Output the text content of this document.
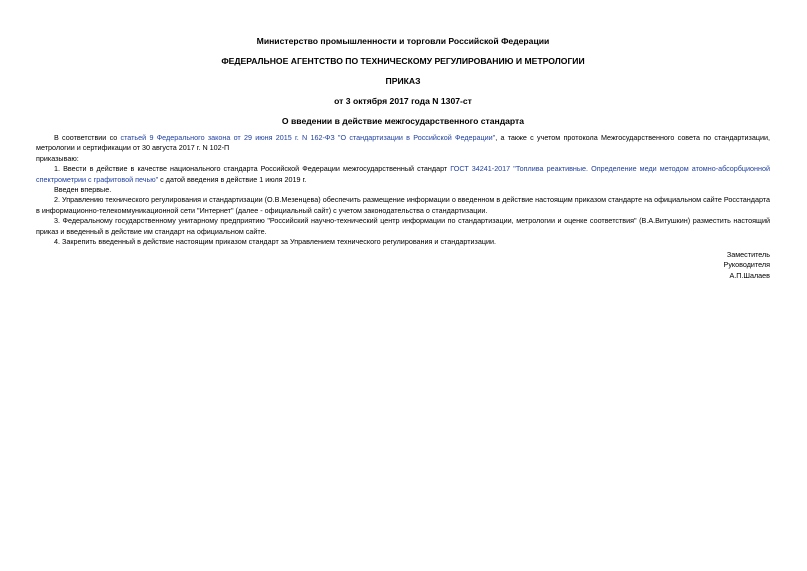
Министерство промышленности и торговли Российской Федерации
ФЕДЕРАЛЬНОЕ АГЕНТСТВО ПО ТЕХНИЧЕСКОМУ РЕГУЛИРОВАНИЮ И МЕТРОЛОГИИ
ПРИКАЗ
от 3 октября 2017 года N 1307-ст
О введении в действие межгосударственного стандарта

В соответствии со статьей 9 Федерального закона от 29 июня 2015 г. N 162-ФЗ "О стандартизации в Российской Федерации", а также с учетом протокола Межгосударственного совета по стандартизации, метрологии и сертификации от 30 августа 2017 г. N 102-П

приказываю:

1. Ввести в действие в качестве национального стандарта Российской Федерации межгосударственный стандарт ГОСТ 34241-2017 "Топлива реактивные. Определение меди методом атомно-абсорбционной спектрометрии с графитовой печью" с датой введения в действие 1 июля 2019 г.

Введен впервые.

2. Управлению технического регулирования и стандартизации (О.В.Мезенцева) обеспечить размещение информации о введенном в действие настоящим приказом стандарте на официальном сайте Росстандарта в информационно-телекоммуникационной сети "Интернет" (далее - официальный сайт) с учетом законодательства о стандартизации.

3. Федеральному государственному унитарному предприятию "Российский научно-технический центр информации по стандартизации, метрологии и оценке соответствия" (В.А.Витушкин) разместить настоящий приказ и введенный в действие им стандарт на официальном сайте.

4. Закрепить введенный в действие настоящим приказом стандарт за Управлением технического регулирования и стандартизации.

Заместитель
Руководителя
А.П.Шалаев
